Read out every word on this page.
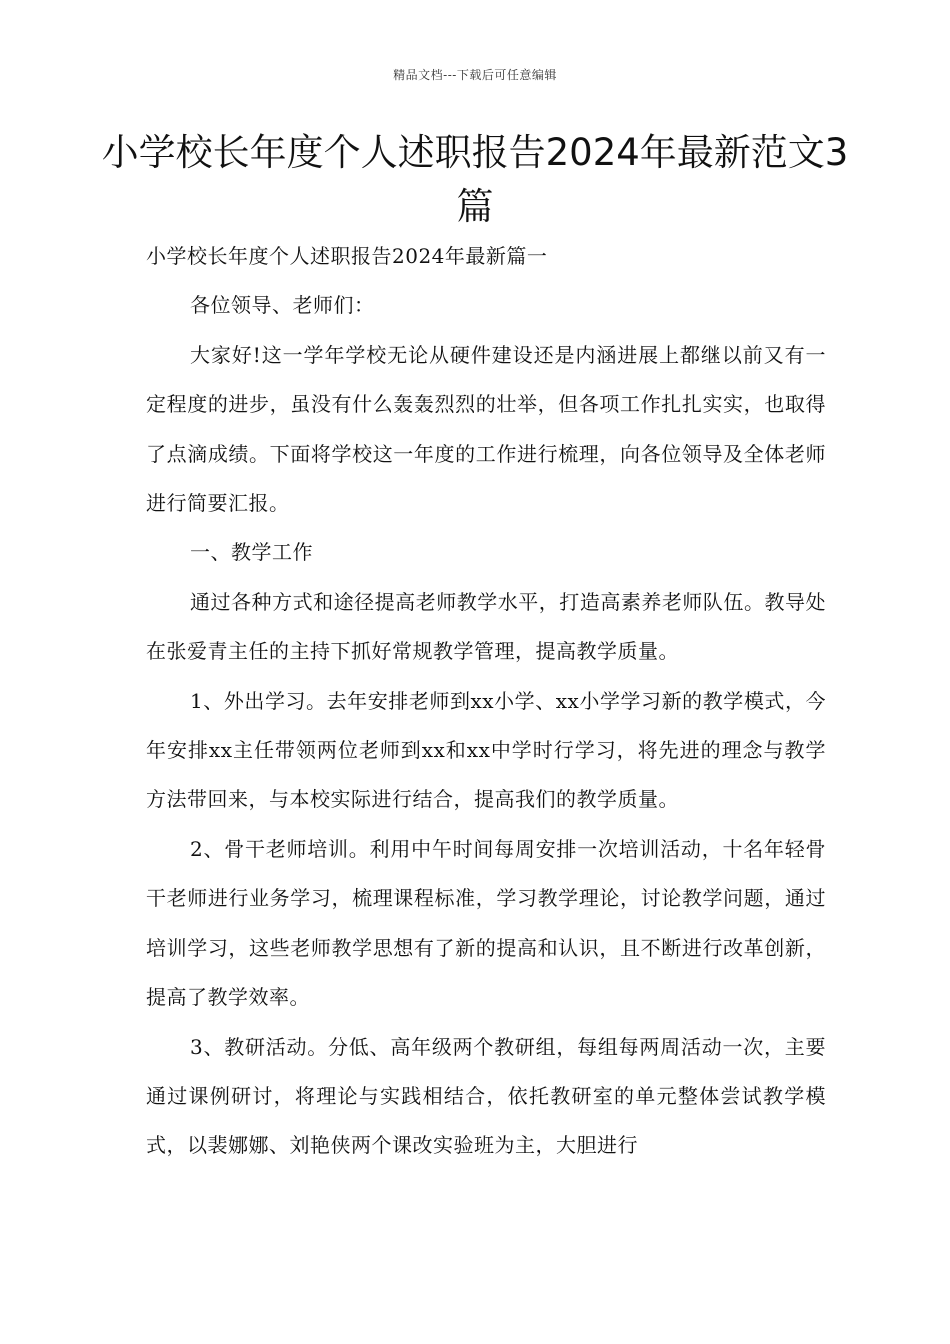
精品文档---下载后可任意编辑
小学校长年度个人述职报告2024年最新范文3篇

小学校长年度个人述职报告2024年最新篇一

各位领导、老师们：

大家好!这一学年学校无论从硬件建设还是内涵进展上都继以前又有一定程度的进步，虽没有什么轰轰烈烈的壮举，但各项工作扎扎实实，也取得了点滴成绩。下面将学校这一年度的工作进行梳理，向各位领导及全体老师进行简要汇报。

一、教学工作

通过各种方式和途径提高老师教学水平，打造高素养老师队伍。教导处在张爱青主任的主持下抓好常规教学管理，提高教学质量。

1、外出学习。去年安排老师到xx小学、xx小学学习新的教学模式，今年安排xx主任带领两位老师到xx和xx中学时行学习，将先进的理念与教学方法带回来，与本校实际进行结合，提高我们的教学质量。

2、骨干老师培训。利用中午时间每周安排一次培训活动，十名年轻骨干老师进行业务学习，梳理课程标准，学习教学理论，讨论教学问题，通过培训学习，这些老师教学思想有了新的提高和认识，且不断进行改革创新，提高了教学效率。

3、教研活动。分低、高年级两个教研组，每组每两周活动一次，主要通过课例研讨，将理论与实践相结合，依托教研室的单元整体尝试教学模式，以裴娜娜、刘艳侠两个课改实验班为主，大胆进行
